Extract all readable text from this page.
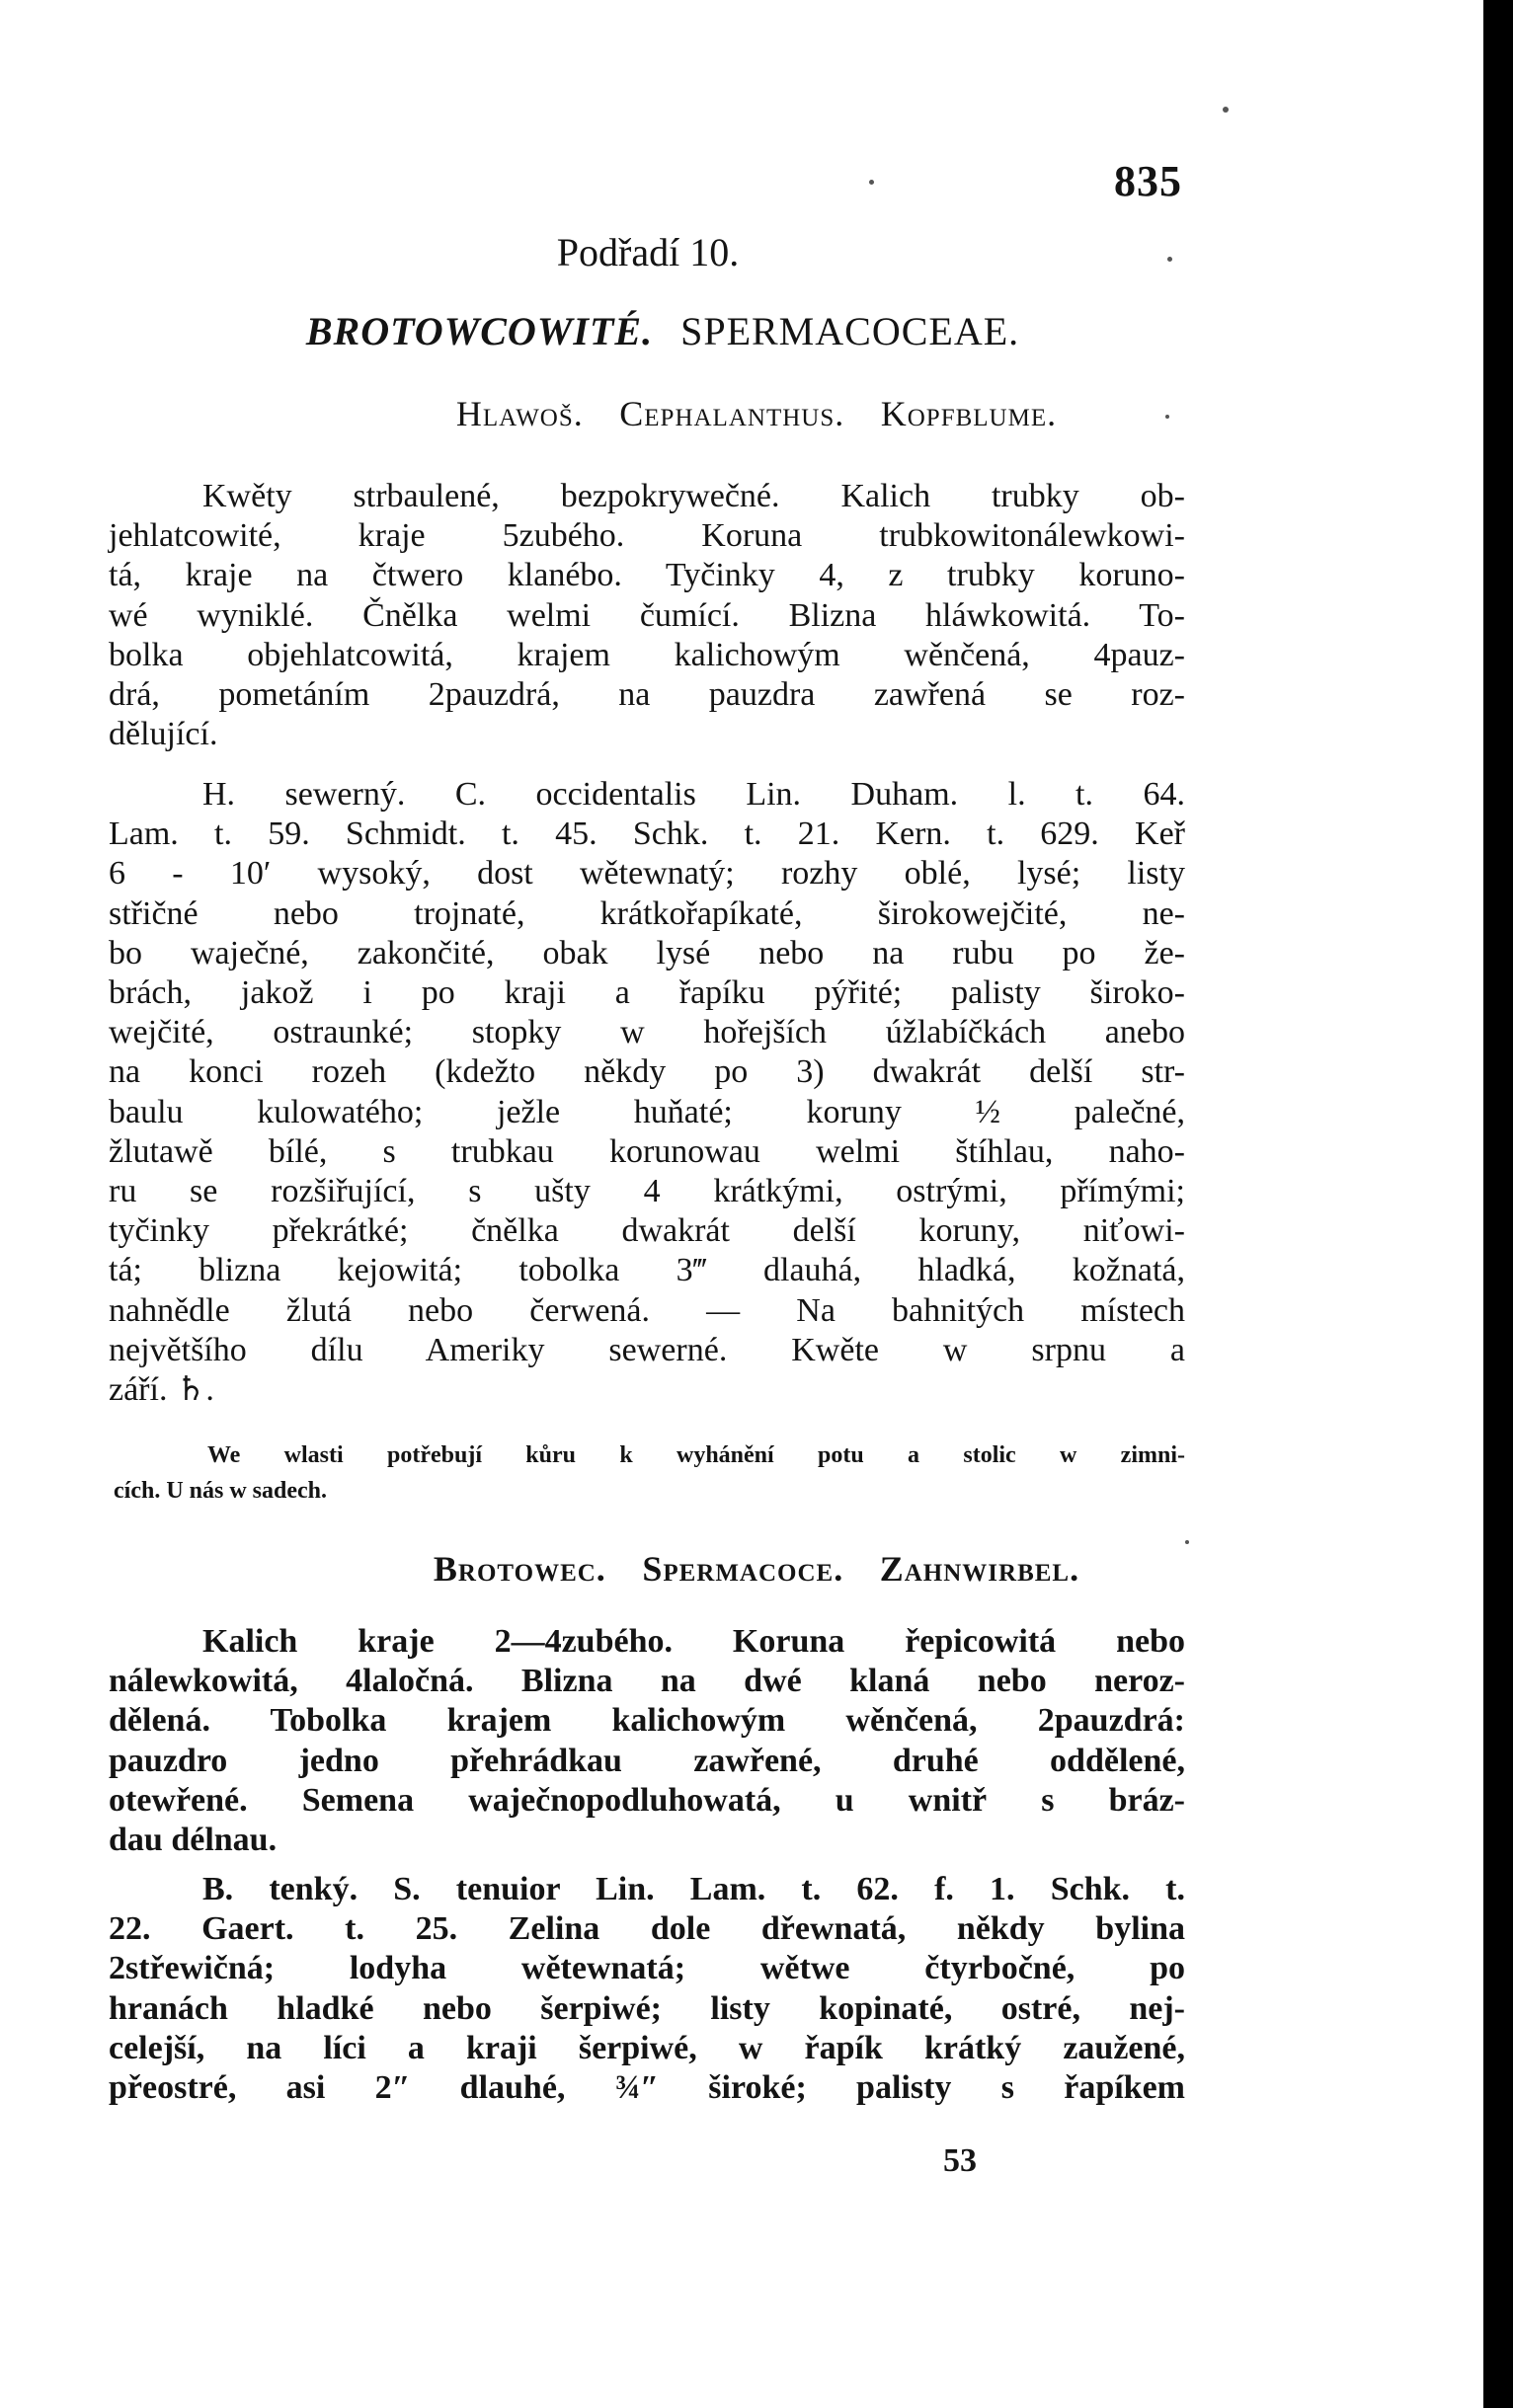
835
Podřadí 10.
BROTOWCOWITÉ. SPERMACOCEAE.
Hlawoš. Cephalanthus. Kopfblume.
Kwěty strbaulené, bezpokrywečné. Kalich trubky ob-
jehlatcowité, kraje 5zubého. Koruna trubkowitonálewkowi-
tá, kraje na čtwero klanébo. Tyčinky 4, z trubky koruno-
wé wyniklé. Čnělka welmi čumící. Blizna hláwkowitá. To-
bolka objehlatcowitá, krajem kalichowým wěnčená, 4pauz-
drá, pometáním 2pauzdrá, na pauzdra zawřená se roz-
dělující.
H. sewerný. C. occidentalis Lin. Duham. l. t. 64.
Lam. t. 59. Schmidt. t. 45. Schk. t. 21. Kern. t. 629. Keř
6 - 10′ wysoký, dost wětewnatý; rozhy oblé, lysé; listy
střičné nebo trojnaté, krátkořapíkaté, širokowejčité, ne-
bo waječné, zakončité, obak lysé nebo na rubu po že-
brách, jakož i po kraji a řapíku pýřité; palisty široko-
wejčité, ostraunké; stopky w hořejších úžlabíčkách anebo
na konci rozeh (kdežto někdy po 3) dwakrát delší str-
baulu kulowatého; ježle huňaté; koruny ½ palečné,
žlutawě bílé, s trubkau korunowau welmi štíhlau, naho-
ru se rozšiřující, s ušty 4 krátkými, ostrými, přímými;
tyčinky překrátké; čnělka dwakrát delší koruny, niťowi-
tá; blizna kejowitá; tobolka 3‴ dlauhá, hladká, kožnatá,
nahnědle žlutá nebo čerwená. — Na bahnitých místech
největšího dílu Ameriky sewerné. Kwěte w srpnu a
září. ♄.
We wlasti potřebují kůru k wyhánění potu a stolic w zimni-
cích. U nás w sadech.
Brotowec. Spermacoce. Zahnwirbel.
Kalich kraje 2—4zubého. Koruna řepicowitá nebo
nálewkowitá, 4laločná. Blizna na dwé klaná nebo neroz-
dělená. Tobolka krajem kalichowým wěnčená, 2pauzdrá:
pauzdro jedno přehrádkau zawřené, druhé oddělené,
otewřené. Semena waječnopodluhowatá, u wnitř s bráz-
dau délnau.
B. tenký. S. tenuior Lin. Lam. t. 62. f. 1. Schk. t.
22. Gaert. t. 25. Zelina dole dřewnatá, někdy bylina
2střewičná; lodyha wětewnatá; wětwe čtyrbočné, po
hranách hladké nebo šerpiwé; listy kopinaté, ostré, nej-
celejší, na líci a kraji šerpiwé, w řapík krátký zaužené,
přeostré, asi 2″ dlauhé, ¾″ široké; palisty s řapíkem
53
